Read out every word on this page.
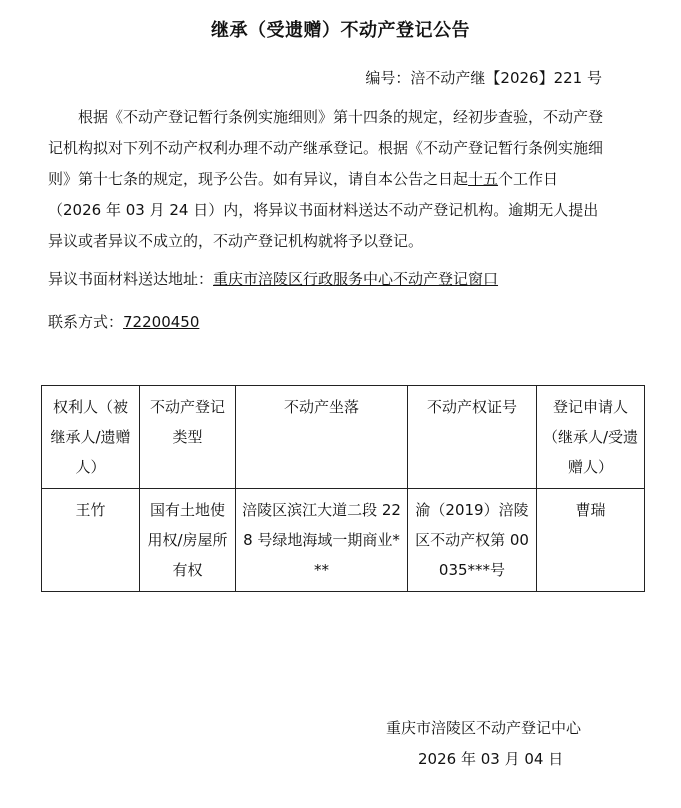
继承（受遗赠）不动产登记公告
编号：涪不动产继【2026】221 号

根据《不动产登记暂行条例实施细则》第十四条的规定，经初步查验，不动产登记机构拟对下列不动产权利办理不动产继承登记。根据《不动产登记暂行条例实施细则》第十七条的规定，现予公告。如有异议，请自本公告之日起十五个工作日（2026 年 03 月 24 日）内，将异议书面材料送达不动产登记机构。逾期无人提出异议或者异议不成立的，不动产登记机构就将予以登记。

异议书面材料送达地址：重庆市涪陵区行政服务中心不动产登记窗口
联系方式：72200450
权利人（被继承人/遗赠人）	不动产登记类型	不动产坐落	不动产权证号	登记申请人（继承人/受遗赠人）
王竹	国有土地使用权/房屋所有权	涪陵区滨江大道二段 228 号绿地海域一期商业***	渝（2019）涪陵区不动产权第 00035***号	曹瑞
重庆市涪陵区不动产登记中心
2026 年 03 月 04 日
